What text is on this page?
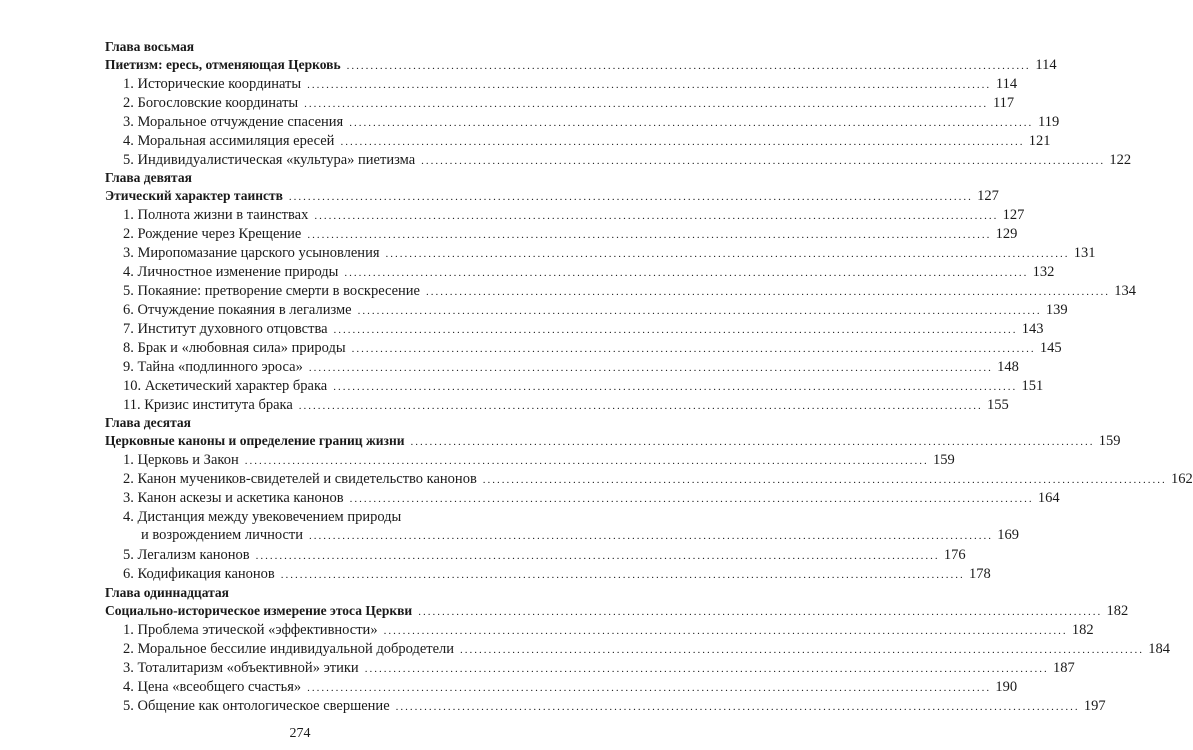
Глава восьмая
Пиетизм: ересь, отменяющая Церковь .....	114
1. Исторические координаты .....	114
2. Богословские координаты .....	117
3. Моральное отчуждение спасения .....	119
4. Моральная ассимиляция ересей .....	121
5. Индивидуалистическая «культура» пиетизма .....	122
Глава девятая
Этический характер таинств .....	127
1. Полнота жизни в таинствах .....	127
2. Рождение через Крещение .....	129
3. Миропомазание царского усыновления .....	131
4. Личностное изменение природы .....	132
5. Покаяние: претворение смерти в воскресение .....	134
6. Отчуждение покаяния в легализме .....	139
7. Институт духовного отцовства .....	143
8. Брак и «любовная сила» природы .....	145
9. Тайна «подлинного эроса» .....	148
10. Аскетический характер брака .....	151
11. Кризис института брака .....	155
Глава десятая
Церковные каноны и определение границ жизни .....	159
1. Церковь и Закон .....	159
2. Канон мучеников-свидетелей и свидетельство канонов .....	162
3. Канон аскезы и аскетика канонов .....	164
4. Дистанция между увековечением природы
и возрождением личности .....	169
5. Легализм канонов .....	176
6. Кодификация канонов .....	178
Глава одиннадцатая
Социально-историческое измерение этоса Церкви .....	182
1. Проблема этической «эффективности» .....	182
2. Моральное бессилие индивидуальной добродетели .....	184
3. Тоталитаризм «объективной» этики .....	187
4. Цена «всеобщего счастья» .....	190
5. Общение как онтологическое свершение .....	197
274
